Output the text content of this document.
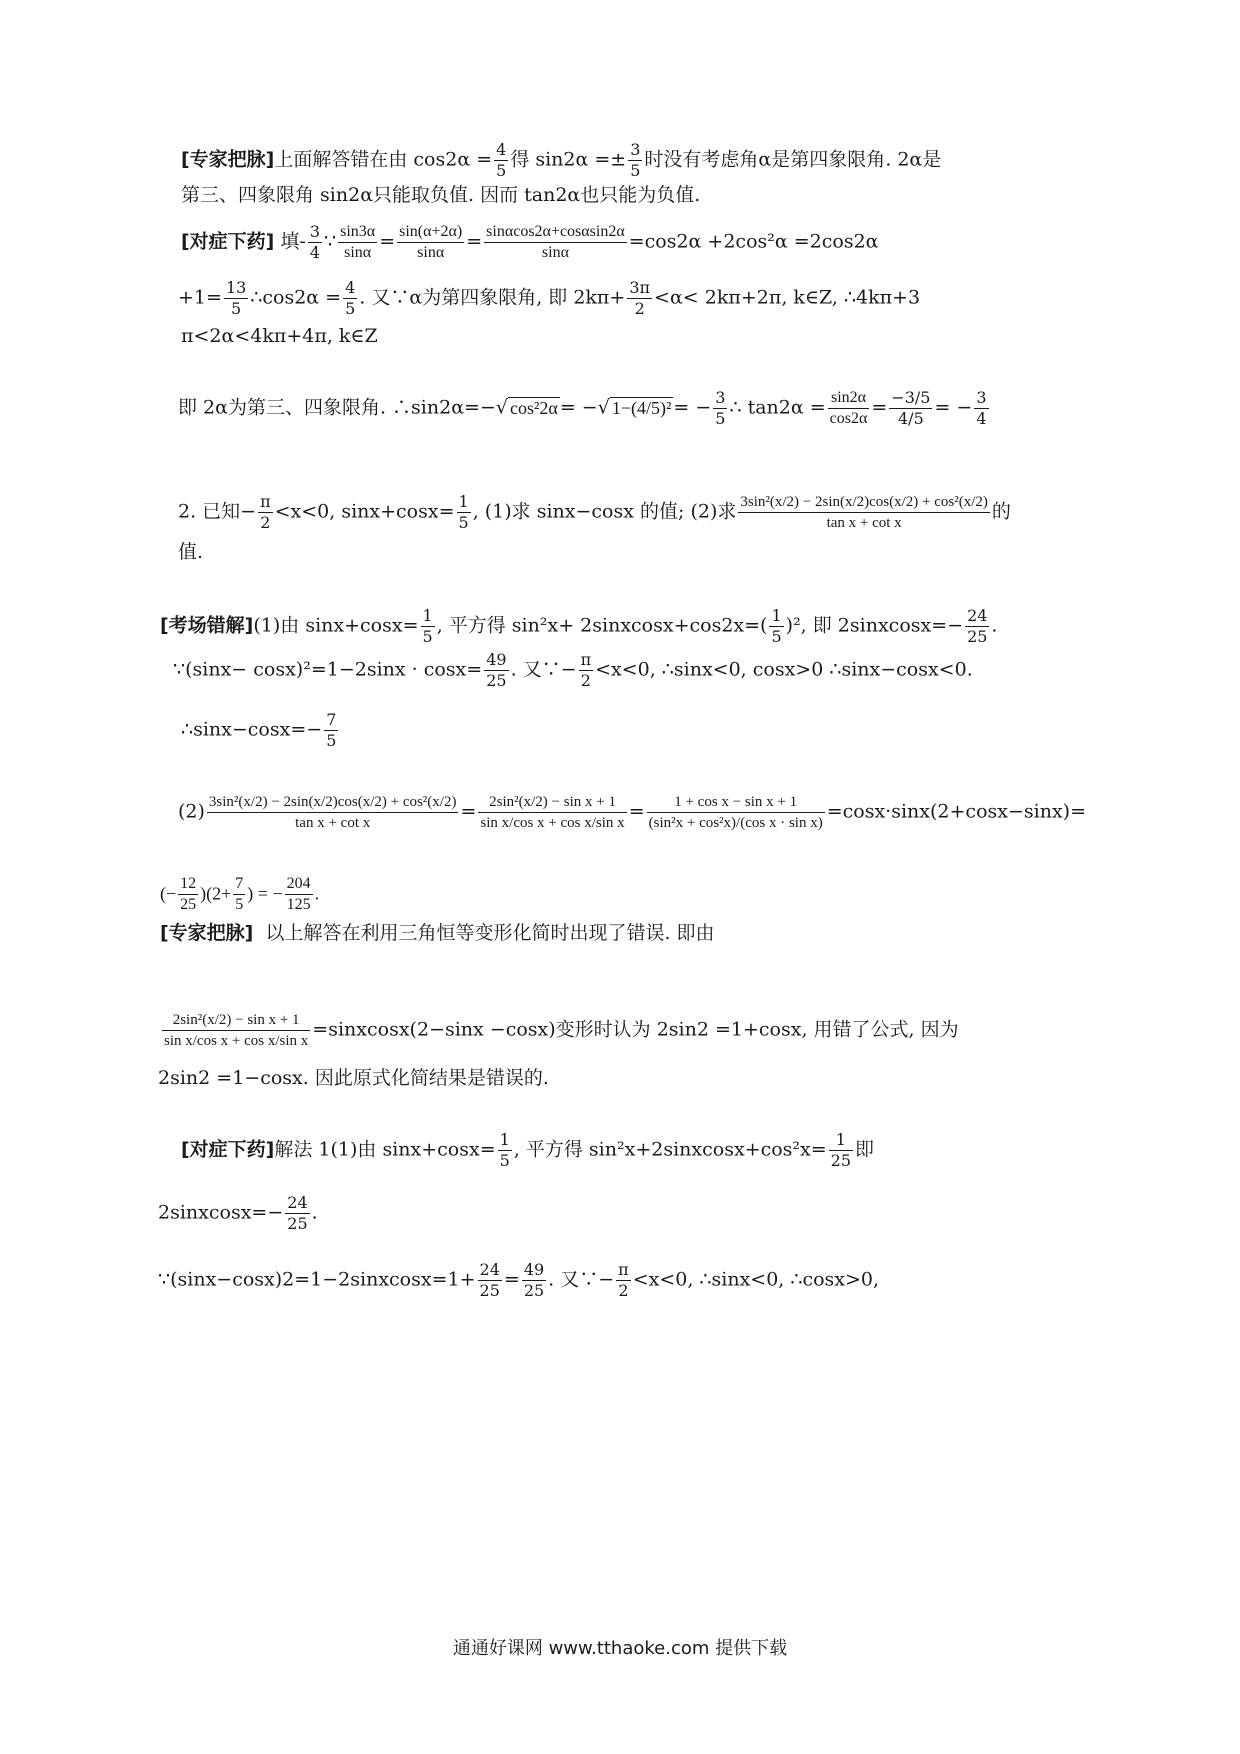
[专家把脉]上面解答错在由 $\cos 2\alpha = \frac{4}{5}$ 得 $\sin 2\alpha =\pm \frac{3}{5}$ 时没有考虑角α是第四象限角. 2α是
第三、四象限角 sin2α只能取负值. 因而 tan2α也只能为负值.
[对症下药] 填- $\frac{3}{4}$ ∵ $\frac{\sin 3\alpha}{\sin\alpha} = \frac{\sin(\alpha+2\alpha)}{\sin\alpha} = \frac{\sin\alpha\cos 2\alpha+\cos\alpha\sin 2\alpha}{\sin\alpha} =\cos 2\alpha +2\cos^2\alpha =2\cos 2\alpha$
$+1= \frac{13}{5}$ ∴cos2α = $\frac{4}{5}$ . 又∵α为第四象限角, 即 $2k\pi+ \frac{3\pi}{2} <\alpha< 2k\pi+2\pi$, k∈Z, ∴4kπ+3
π<2α<4kπ+4π, k∈Z
即 2α为第三、四象限角. ∴sin2α=−√ cos²2α = −√ 1−(4/5)² = − $\frac{3}{5}$ ∴ $\tan 2\alpha = \frac{\sin 2\alpha}{\cos 2\alpha} = \frac{-3/5}{4/5}$ = − $\frac{3}{4}$
2. 已知− $\frac{\pi}{2} <x<0$, $\sin x+\cos x= \frac{1}{5}$ , (1)求 sinx−cosx 的值; (2)求 $\frac{\text{3sin²(x/2) − 2sin(x/2)cos(x/2) + cos²(x/2)}}{\text{tan x + cot x}}$ 的
值.
[考场错解](1)由 $\sin x+\cos x= \frac{1}{5}$ , 平方得 sin²x+ 2sinxcosx+cos2x=( $\frac{1}{5} )^2$, 即 2sinxcosx=− $\frac{24}{25}$ .
∵(sinx− $\cos x)^2=1-2\sin x \cdot \cos x= \frac{49}{25}$ . 又∵− $\frac{\pi}{2} <x<0$, ∴sinx<0, cosx>0 ∴sinx−cosx<0.
∴sinx−cosx=− $\frac{7}{5}$
$(2) \frac{\text{3sin²(x/2) − 2sin(x/2)cos(x/2) + cos²(x/2)}}{\text{tan x + cot x}} = \frac{\text{2sin²(x/2) − sin x + 1}}{\text{sin x/cos x + cos x/sin x}} = \frac{\text{1 + cos x − sin x + 1}}{\text{(sin²x + cos²x)/(cos x · sin x)}} =\cos x\cdot\sin x(2+\cos x-\sin x)=$
(− $\frac{12}{25} )(2+ \frac{7}{5}$ ) = − $\frac{204}{125}$ .
[专家把脉] 以上解答在利用三角恒等变形化简时出现了错误. 即由
$\frac{\text{2sin²(x/2) − sin x + 1}}{\text{sin x/cos x + cos x/sin x}}$ =sinxcosx(2−sinx −cosx)变形时认为 2sin2 =1+cosx, 用错了公式, 因为
2sin2 =1−cosx. 因此原式化简结果是错误的.
[对症下药]解法 1(1)由 $\sin x+\cos x= \frac{1}{5}$ , 平方得 sin²x+2sinxcosx+cos²x= $\frac{1}{25}$ 即
2sinxcosx=− $\frac{24}{25}$ .
∵(sinx−cosx)2=1−2sinxcosx=1+ $\frac{24}{25} = \frac{49}{25}$ . 又∵− $\frac{\pi}{2} <x<0$, ∴sinx<0, ∴cosx>0,
通通好课网 www.tthaoke.com 提供下载
